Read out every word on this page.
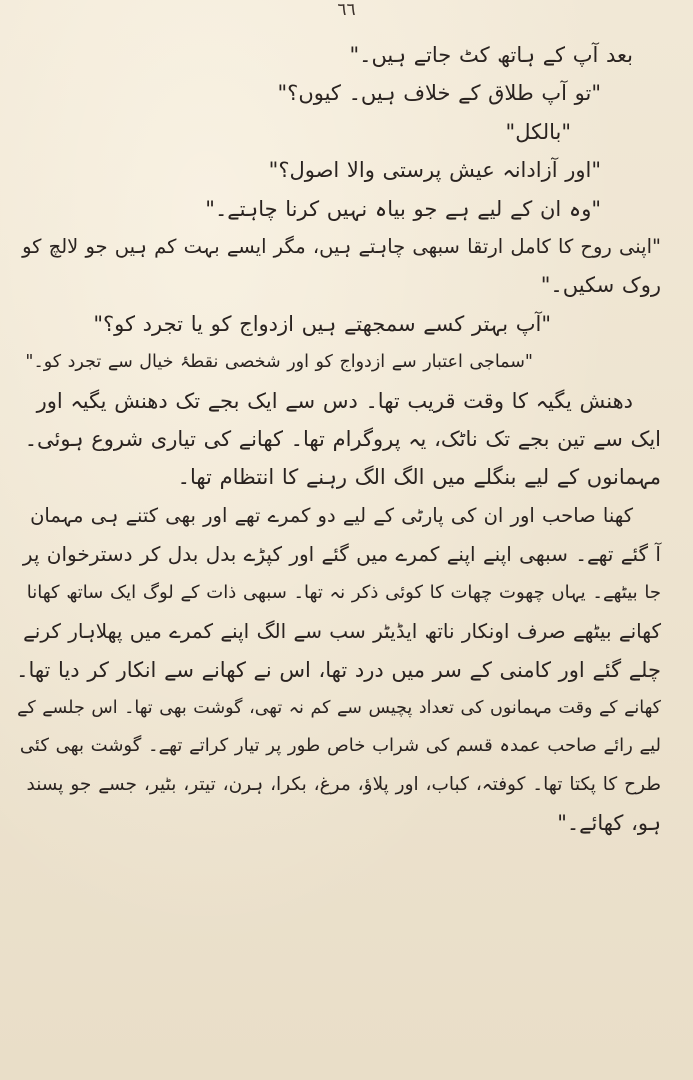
٦٦
بعد آپ کے ہاتھ کٹ جاتے ہیں۔"
"تو آپ طلاق کے خلاف ہیں۔ کیوں؟"
"بالکل"
"اور آزادانہ عیش پرستی والا اصول؟"
"وہ ان کے لیے ہے جو بیاہ نہیں کرنا چاہتے۔"
"اپنی روح کا کامل ارتقا سبھی چاہتے ہیں، مگر ایسے بہت کم ہیں جو لالچ کو
روک سکیں۔"
"آپ بہتر کسے سمجھتے ہیں ازدواج کو یا تجرد کو؟"
"سماجی اعتبار سے ازدواج کو اور شخصی نقطۂ خیال سے تجرد کو۔"
دھنش یگیہ کا وقت قریب تھا۔ دس سے ایک بجے تک دھنش یگیہ اور
ایک سے تین بجے تک ناٹک، یہ پروگرام تھا۔ کھانے کی تیاری شروع ہوئی۔
مہمانوں کے لیے بنگلے میں الگ الگ رہنے کا انتظام تھا۔
کھنا صاحب اور ان کی پارٹی کے لیے دو کمرے تھے اور بھی کتنے ہی مہمان
آ گئے تھے۔ سبھی اپنے اپنے کمرے میں گئے اور کپڑے بدل بدل کر دسترخوان پر
جا بیٹھے۔ یہاں چھوت چھات کا کوئی ذکر نہ تھا۔ سبھی ذات کے لوگ ایک ساتھ کھانا
کھانے بیٹھے صرف اونکار ناتھ ایڈیٹر سب سے الگ اپنے کمرے میں پھلاہار کرنے
چلے گئے اور کامنی کے سر میں درد تھا، اس نے کھانے سے انکار کر دیا تھا۔
کھانے کے وقت مہمانوں کی تعداد پچیس سے کم نہ تھی، گوشت بھی تھا۔ اس جلسے کے
لیے رائے صاحب عمدہ قسم کی شراب خاص طور پر تیار کراتے تھے۔ گوشت بھی کئی
طرح کا پکتا تھا۔ کوفتہ، کباب، اور پلاؤ، مرغ، بکرا، ہرن، تیتر، بٹیر، جسے جو پسند
ہو، کھائے۔"
